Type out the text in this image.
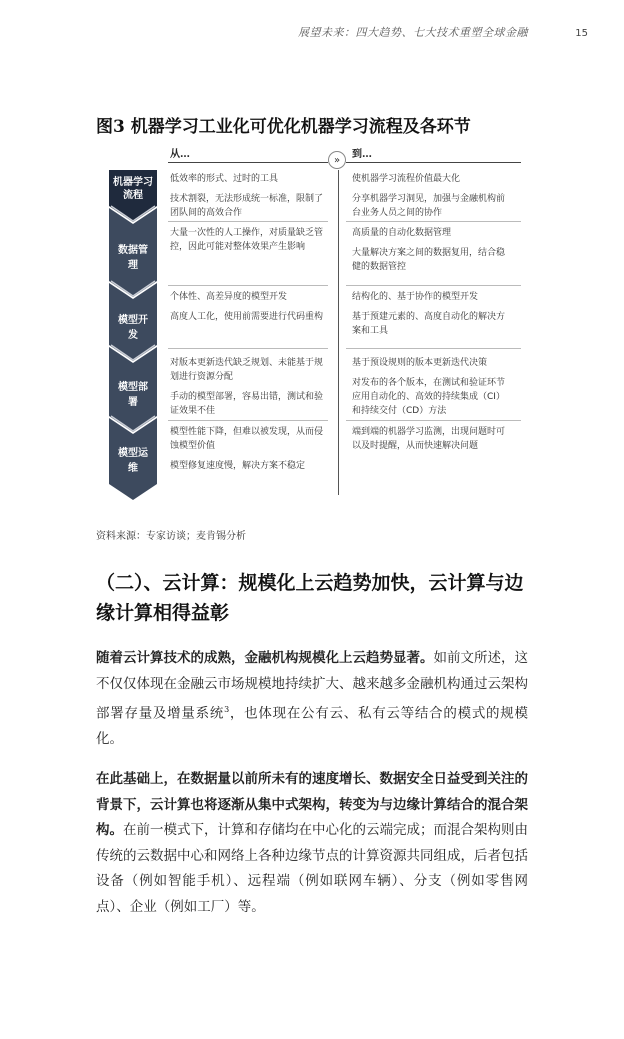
展望未来：四大趋势、七大技术重塑全球金融	15
图3 机器学习工业化可优化机器学习流程及各环节
从…	到…
»
机器学习流程
数据管理
模型开发
模型部署
模型运维

低效率的形式、过时的工具

技术割裂，无法形成统一标准，限制了团队间的高效合作

大量一次性的人工操作，对质量缺乏管控，因此可能对整体效果产生影响

个体性、高差异度的模型开发

高度人工化，使用前需要进行代码重构

对版本更新迭代缺乏规划、未能基于规划进行资源分配

手动的模型部署，容易出错，测试和验证效果不佳

模型性能下降，但难以被发现，从而侵蚀模型价值

模型修复速度慢，解决方案不稳定

使机器学习流程价值最大化

分享机器学习洞见，加强与金融机构前台业务人员之间的协作

高质量的自动化数据管理

大量解决方案之间的数据复用，结合稳健的数据管控

结构化的、基于协作的模型开发

基于预建元素的、高度自动化的解决方案和工具

基于预设规则的版本更新迭代决策

对发布的各个版本，在测试和验证环节应用自动化的、高效的持续集成（CI）和持续交付（CD）方法

端到端的机器学习监测，出现问题时可以及时提醒，从而快速解决问题

资料来源：专家访谈；麦肯锡分析
（二）、云计算：规模化上云趋势加快，云计算与边缘计算相得益彰

随着云计算技术的成熟，金融机构规模化上云趋势显著。如前文所述，这不仅仅体现在金融云市场规模地持续扩大、越来越多金融机构通过云架构部署存量及增量系统$^3$，也体现在公有云、私有云等结合的模式的规模化。

在此基础上，在数据量以前所未有的速度增长、数据安全日益受到关注的背景下，云计算也将逐渐从集中式架构，转变为与边缘计算结合的混合架构。在前一模式下，计算和存储均在中心化的云端完成；而混合架构则由传统的云数据中心和网络上各种边缘节点的计算资源共同组成，后者包括设备（例如智能手机）、远程端（例如联网车辆）、分支（例如零售网点）、企业（例如工厂）等。
